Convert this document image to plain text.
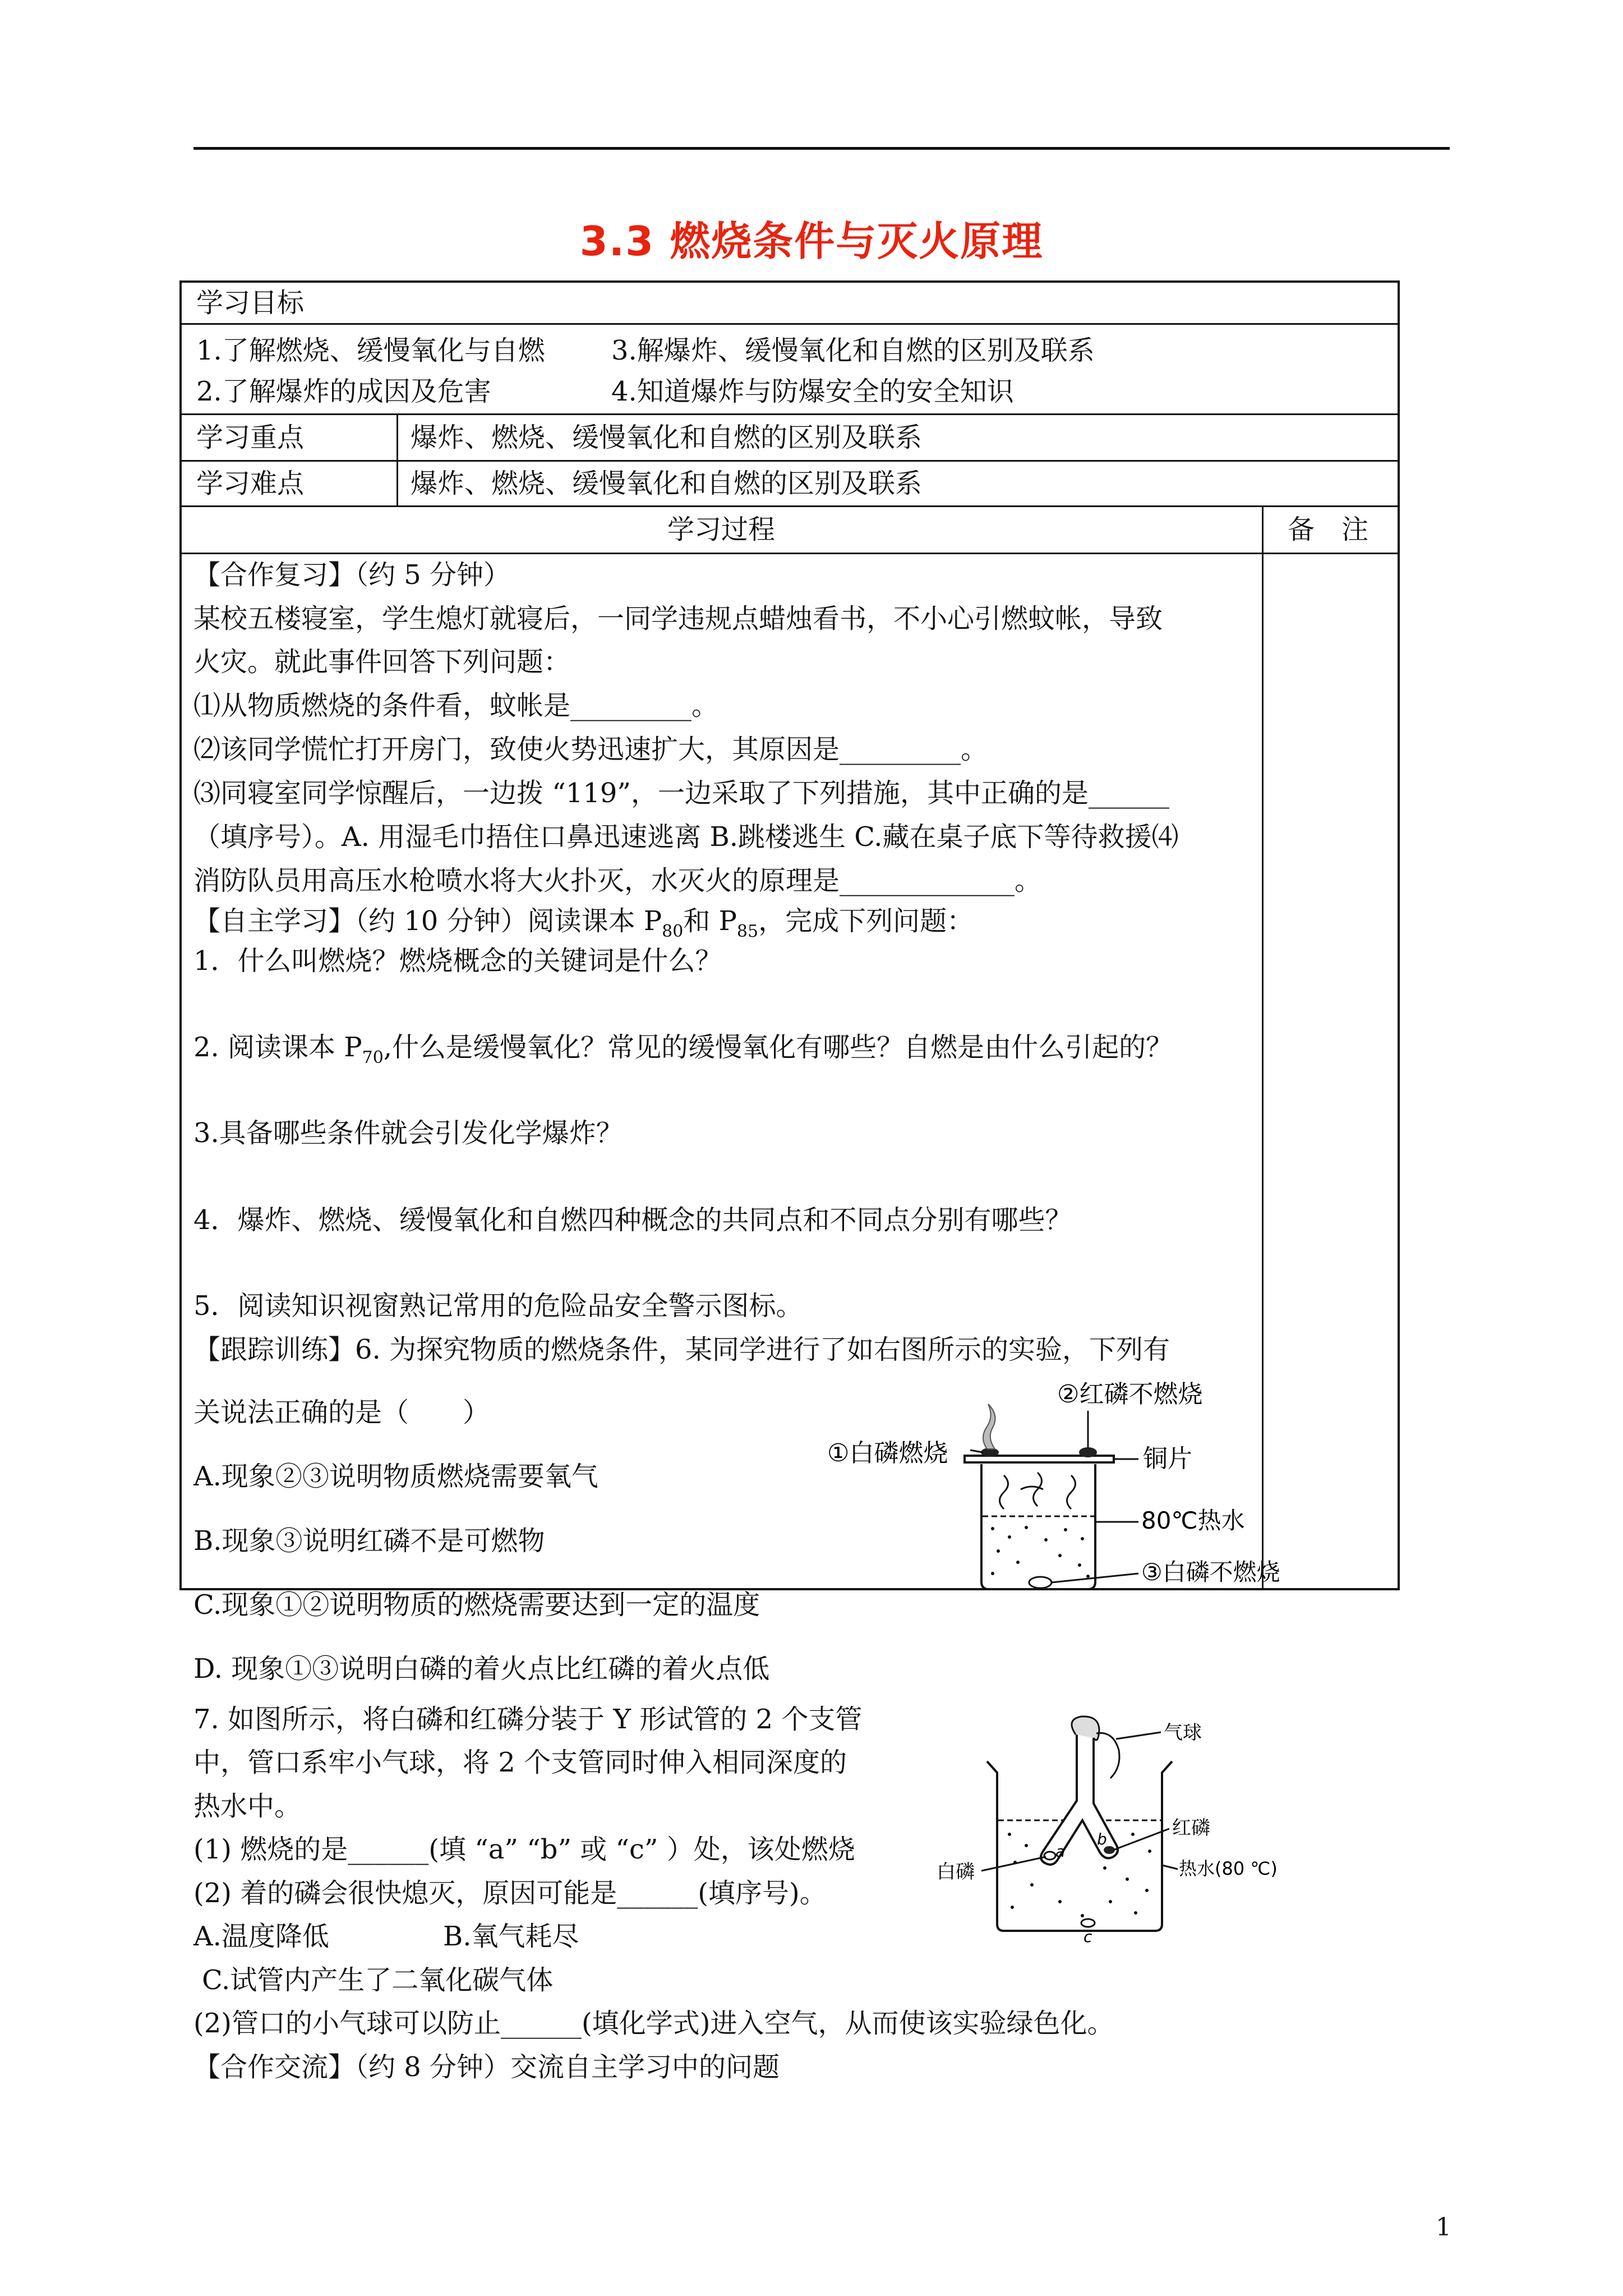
3.3 燃烧条件与灭火原理
学习目标
1.了解燃烧、缓慢氧化与自燃 3.解爆炸、缓慢氧化和自燃的区别及联系
2.了解爆炸的成因及危害	4.知道爆炸与防爆安全的安全知识
学习重点	爆炸、燃烧、缓慢氧化和自燃的区别及联系
学习难点	爆炸、燃烧、缓慢氧化和自燃的区别及联系
学习过程	备　注
【合作复习】（约 5 分钟）
某校五楼寝室，学生熄灯就寝后，一同学违规点蜡烛看书，不小心引燃蚊帐，导致
火灾。就此事件回答下列问题：
⑴从物质燃烧的条件看，蚊帐是_________。
⑵该同学慌忙打开房门，致使火势迅速扩大，其原因是_________。
⑶同寝室同学惊醒后，一边拨 “119”，一边采取了下列措施，其中正确的是______
（填序号）。A. 用湿毛巾捂住口鼻迅速逃离 B.跳楼逃生 C.藏在桌子底下等待救援⑷
消防队员用高压水枪喷水将大火扑灭，水灭火的原理是_____________。
【自主学习】（约 10 分钟）阅读课本 $P_{80}$和 $P_{85}$，完成下列问题：
1．什么叫燃烧？燃烧概念的关键词是什么？
2. 阅读课本 $P_{70}$,什么是缓慢氧化？常见的缓慢氧化有哪些？自燃是由什么引起的？
3.具备哪些条件就会引发化学爆炸？
4．爆炸、燃烧、缓慢氧化和自燃四种概念的共同点和不同点分别有哪些？
5．阅读知识视窗熟记常用的危险品安全警示图标。
【跟踪训练】6. 为探究物质的燃烧条件，某同学进行了如右图所示的实验，下列有
关说法正确的是（　　）
A.现象②③说明物质燃烧需要氧气
B.现象③说明红磷不是可燃物
C.现象①②说明物质的燃烧需要达到一定的温度
D. 现象①③说明白磷的着火点比红磷的着火点低
①白磷燃烧
②红磷不燃烧
铜片
80℃热水
③白磷不燃烧
7. 如图所示，将白磷和红磷分装于 Y 形试管的 2 个支管
中，管口系牢小气球，将 2 个支管同时伸入相同深度的
热水中。
(1) 燃烧的是______(填 “a” “b” 或 “c” ）处，该处燃烧
(2) 着的磷会很快熄灭，原因可能是______(填序号)。
A.温度降低	B.氧气耗尽
C.试管内产生了二氧化碳气体
(2)管口的小气球可以防止______(填化学式)进入空气，从而使该实验绿色化。
【合作交流】（约 8 分钟）交流自主学习中的问题
气球
红磷
热水(80 ℃)
白磷
a
b
c
1
